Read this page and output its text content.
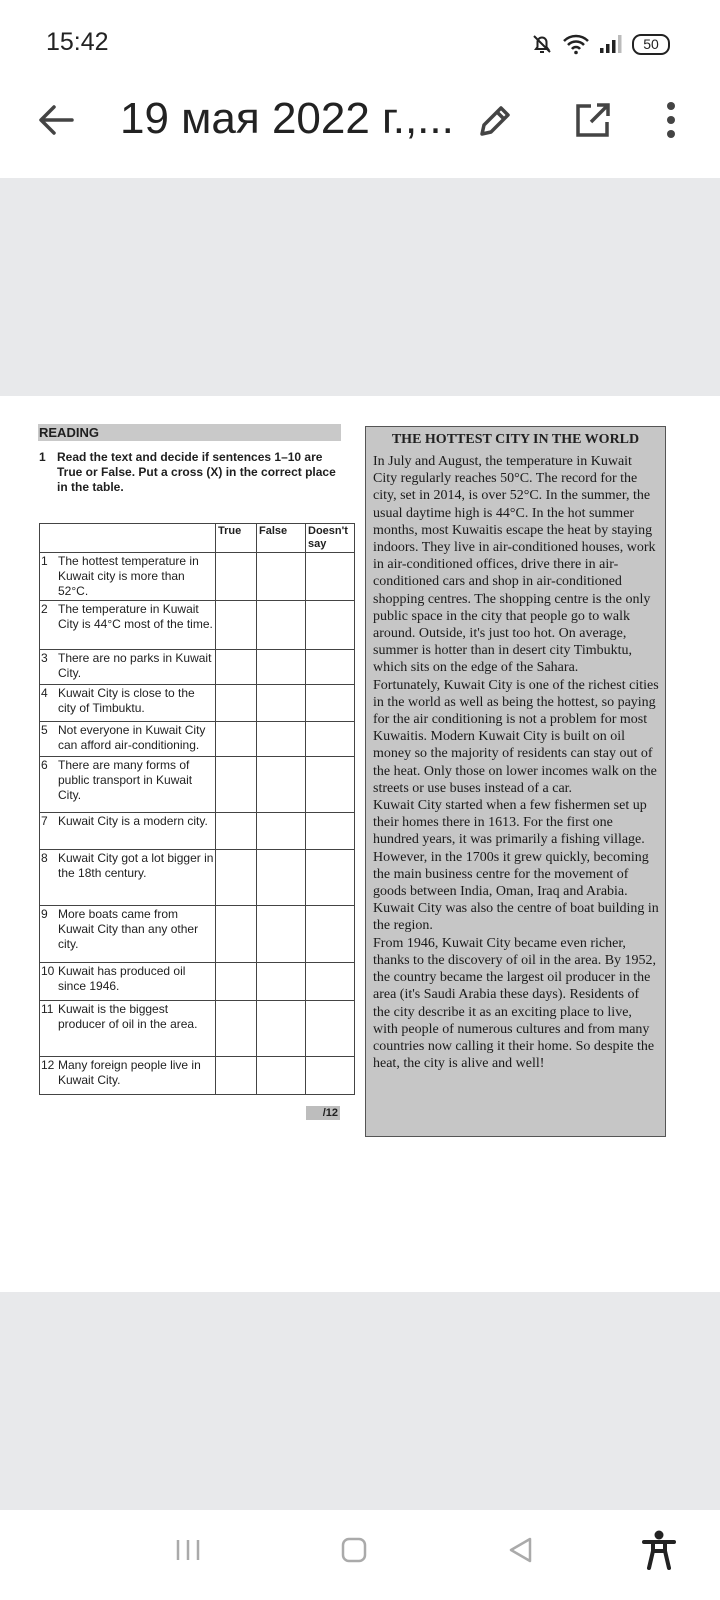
15:42	50
19 мая 2022 г.,...
READING
1 Read the text and decide if sentences 1–10 are True or False. Put a cross (X) in the correct place in the table.
	True	False	Doesn't say

1 The hottest temperature in Kuwait city is more than 52°C.			

2 The temperature in Kuwait City is 44°C most of the time.			

3 There are no parks in Kuwait City.			

4 Kuwait City is close to the city of Timbuktu.			

5 Not everyone in Kuwait City can afford air-conditioning.			

6 There are many forms of public transport in Kuwait City.			

7 Kuwait City is a modern city.			

8 Kuwait City got a lot bigger in the 18th century.			

9 More boats came from Kuwait City than any other city.			

10 Kuwait has produced oil since 1946.			

11 Kuwait is the biggest producer of oil in the area.			

12 Many foreign people live in Kuwait City.			

/12
THE HOTTEST CITY IN THE WORLD

In July and August, the temperature in Kuwait City regularly reaches 50°C. The record for the city, set in 2014, is over 52°C. In the summer, the usual daytime high is 44°C. In the hot summer months, most Kuwaitis escape the heat by staying indoors. They live in air-conditioned houses, work in air-conditioned offices, drive there in air-conditioned cars and shop in air-conditioned shopping centres. The shopping centre is the only public space in the city that people go to walk around. Outside, it's just too hot. On average, summer is hotter than in desert city Timbuktu, which sits on the edge of the Sahara.

Fortunately, Kuwait City is one of the richest cities in the world as well as being the hottest, so paying for the air conditioning is not a problem for most Kuwaitis. Modern Kuwait City is built on oil money so the majority of residents can stay out of the heat. Only those on lower incomes walk on the streets or use buses instead of a car.

Kuwait City started when a few fishermen set up their homes there in 1613. For the first one hundred years, it was primarily a fishing village. However, in the 1700s it grew quickly, becoming the main business centre for the movement of goods between India, Oman, Iraq and Arabia. Kuwait City was also the centre of boat building in the region.

From 1946, Kuwait City became even richer, thanks to the discovery of oil in the area. By 1952, the country became the largest oil producer in the area (it's Saudi Arabia these days). Residents of the city describe it as an exciting place to live, with people of numerous cultures and from many countries now calling it their home. So despite the heat, the city is alive and well!
